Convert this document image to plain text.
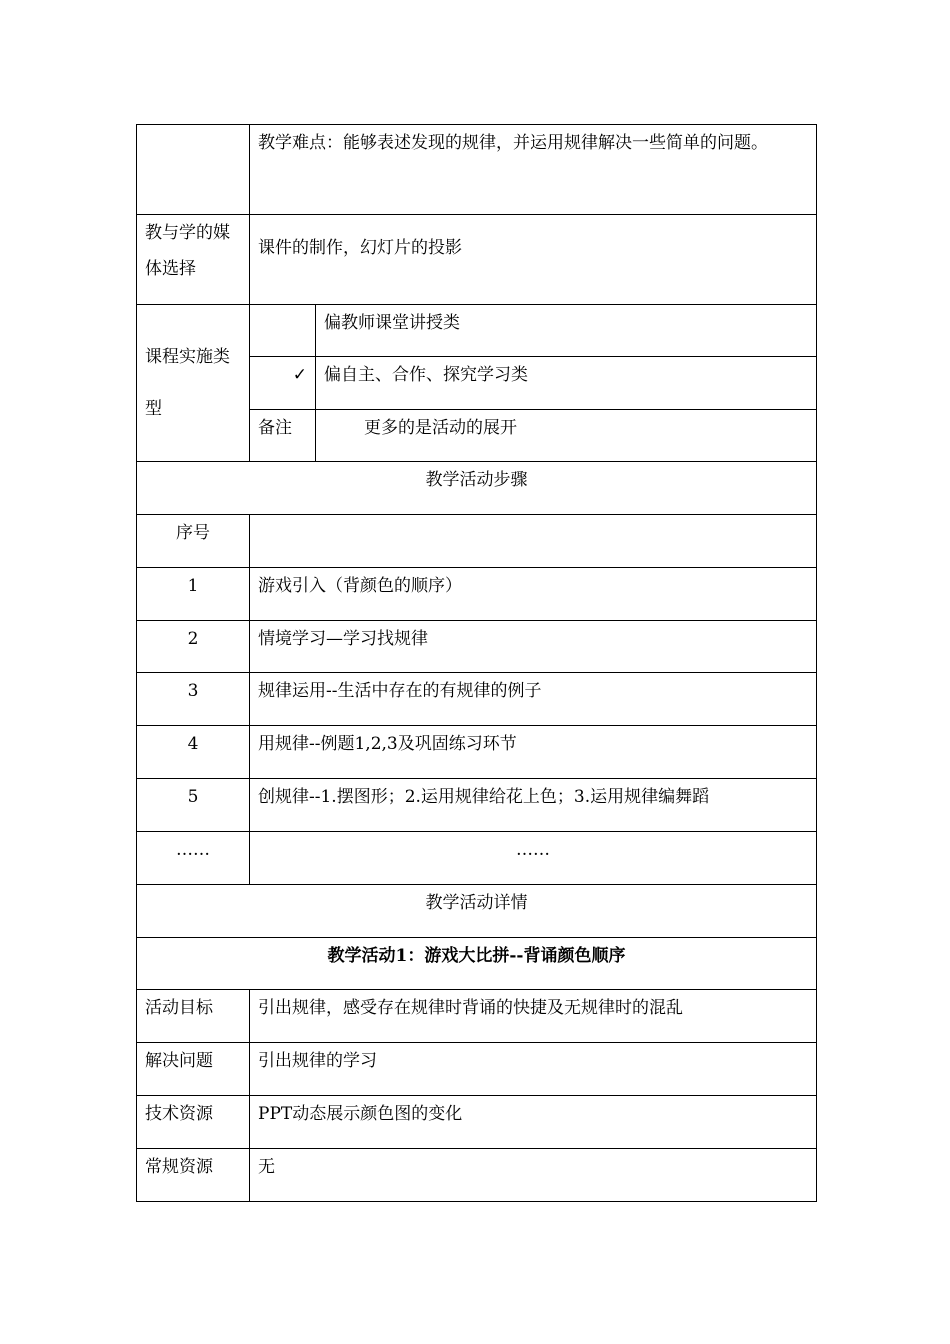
	教学难点：能够表述发现的规律，并运用规律解决一些简单的问题。	
教与学的媒体选择	课件的制作，幻灯片的投影	
课程实施类型		偏教师课堂讲授类
	✓	偏自主、合作、探究学习类
	备注	更多的是活动的展开
教学活动步骤		
序号		
1	游戏引入（背颜色的顺序）	
2	情境学习—学习找规律	
3	规律运用--生活中存在的有规律的例子	
4	用规律--例题1,2,3及巩固练习环节	
5	创规律--1.摆图形；2.运用规律给花上色；3.运用规律编舞蹈	
……	……	
教学活动详情		
教学活动1：游戏大比拼--背诵颜色顺序		
活动目标	引出规律，感受存在规律时背诵的快捷及无规律时的混乱	
解决问题	引出规律的学习	
技术资源	PPT动态展示颜色图的变化	
常规资源	无	
